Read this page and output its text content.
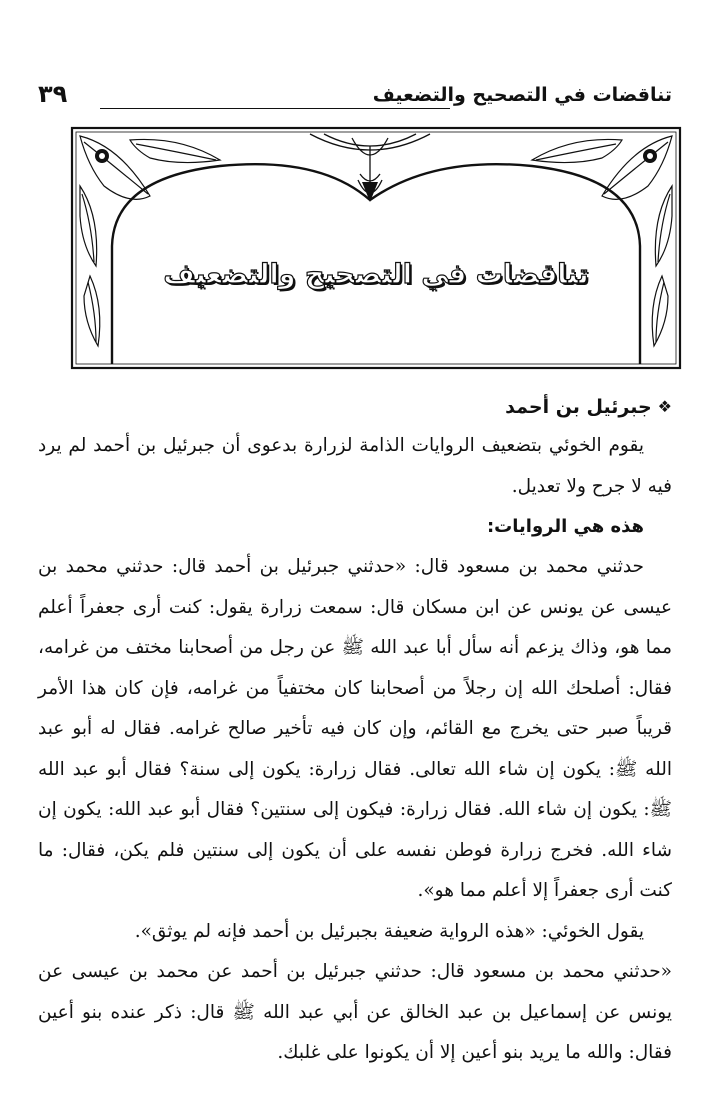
تناقضات في التصحيح والتضعيف
٣٩
تناقضات في التصحيح والتضعيف
❖
جبرئيل بن أحمد

يقوم الخوئي بتضعيف الروايات الذامة لزرارة بدعوى أن جبرئيل بن أحمد لم يرد فيه لا جرح ولا تعديل.

هذه هي الروايات:

حدثني محمد بن مسعود قال: «حدثني جبرئيل بن أحمد قال: حدثني محمد بن عيسى عن يونس عن ابن مسكان قال: سمعت زرارة يقول: كنت أرى جعفراً أعلم مما هو، وذاك يزعم أنه سأل أبا عبد الله ﷺ عن رجل من أصحابنا مختف من غرامه، فقال: أصلحك الله إن رجلاً من أصحابنا كان مختفياً من غرامه، فإن كان هذا الأمر قريباً صبر حتى يخرج مع القائم، وإن كان فيه تأخير صالح غرامه. فقال له أبو عبد الله ﷺ: يكون إن شاء الله تعالى. فقال زرارة: يكون إلى سنة؟ فقال أبو عبد الله ﷺ: يكون إن شاء الله. فقال زرارة: فيكون إلى سنتين؟ فقال أبو عبد الله: يكون إن شاء الله. فخرج زرارة فوطن نفسه على أن يكون إلى سنتين فلم يكن، فقال: ما كنت أرى جعفراً إلا أعلم مما هو».

يقول الخوئي: «هذه الرواية ضعيفة بجبرئيل بن أحمد فإنه لم يوثق».

«حدثني محمد بن مسعود قال: حدثني جبرئيل بن أحمد عن محمد بن عيسى عن يونس عن إسماعيل بن عبد الخالق عن أبي عبد الله ﷺ قال: ذكر عنده بنو أعين فقال: والله ما يريد بنو أعين إلا أن يكونوا على غلبك.
